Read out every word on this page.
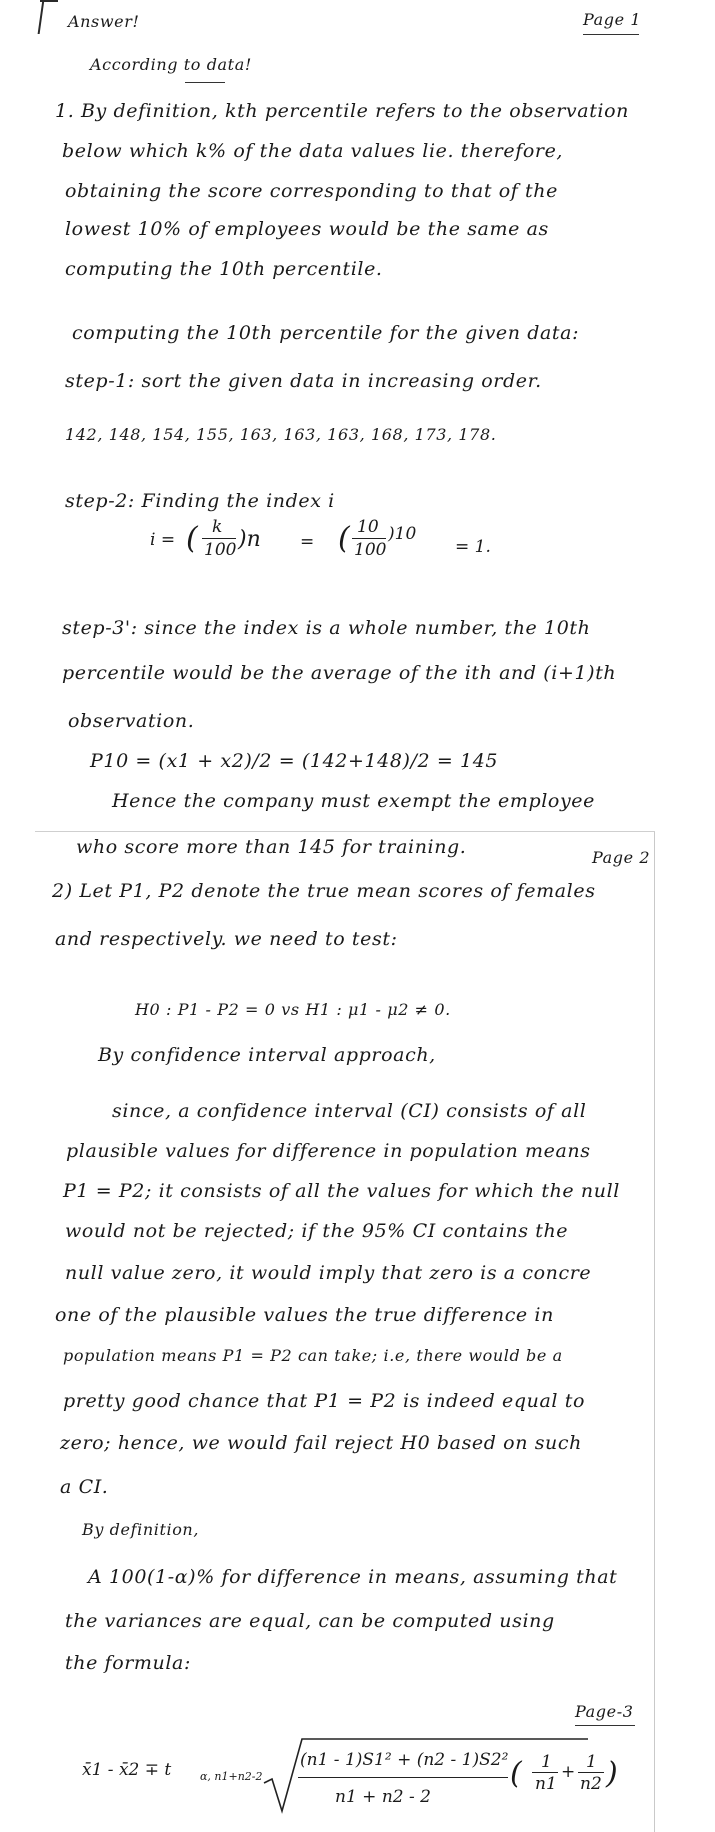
Answer!	Page 1
According to data!
1. By definition, kth percentile refers to the observation
below which k% of the data values lie. therefore,
obtaining the score corresponding to that of the
lowest 10% of employees would be the same as
computing the 10th percentile.
computing the 10th percentile for the given data:
step-1: sort the given data in increasing order.
142, 148, 154, 155, 163, 163, 163, 168, 173, 178.
step-2: Finding the index i
i = ( k
100 )n = ( 10
100
)10
= 1.
step-3': since the index is a whole number, the 10th
percentile would be the average of the ith and (i+1)th
observation.
P10 = (x1 + x2)/2 = (142+148)/2 = 145
Hence the company must exempt the employee
who score more than 145 for training.	Page 2
2) Let P1, P2 denote the true mean scores of females
and respectively. we need to test:
H0 : P1 - P2 = 0 vs H1 : μ1 - μ2 ≠ 0.
By confidence interval approach,
since, a confidence interval (CI) consists of all
plausible values for difference in population means
P1 = P2; it consists of all the values for which the null
would not be rejected; if the 95% CI contains the
null value zero, it would imply that zero is a concre
one of the plausible values the true difference in
population means P1 = P2 can take; i.e, there would be a
pretty good chance that P1 = P2 is indeed equal to
zero; hence, we would fail reject H0 based on such
a CI.
By definition,
A 100(1-α)% for difference in means, assuming that
the variances are equal, can be computed using
the formula:
Page-3
x̄1 - x̄2 ∓ t	α, n1+n2-2
(n1 - 1)S1² + (n2 - 1)S2²
n1 + n2 - 2
( 1
n1
+ 1
n2 )
